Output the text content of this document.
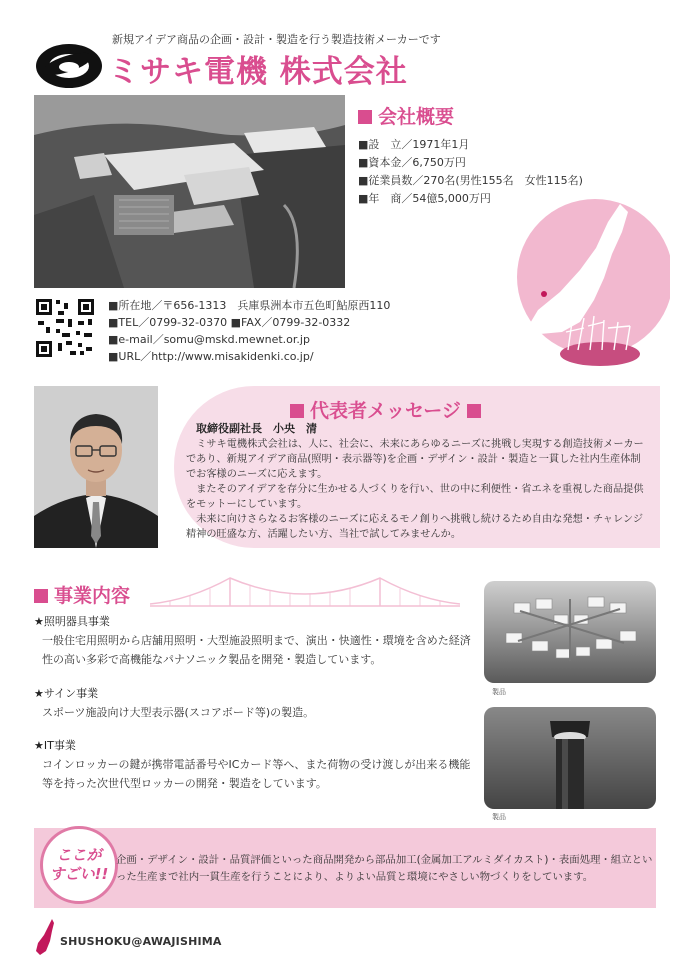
新規アイデア商品の企画・設計・製造を行う製造技術メーカーです
ミサキ電機 株式会社
会社概要
■設　立／1971年1月
■資本金／6,750万円
■従業員数／270名(男性155名　女性115名)
■年　商／54億5,000万円
■所在地／〒656-1313　兵庫県洲本市五色町鮎原西110
■TEL／0799-32-0370 ■FAX／0799-32-0332
■e-mail／somu@mskd.mewnet.or.jp
■URL／http://www.misakidenki.co.jp/
代表者メッセージ
取締役副社長　小央　清

ミサキ電機株式会社は、人に、社会に、未来にあらゆるニーズに挑戦し実現する創造技術メーカーであり、新規アイデア商品(照明・表示器等)を企画・デザイン・設計・製造と一貫した社内生産体制でお客様のニーズに応えます。

またそのアイデアを存分に生かせる人づくりを行い、世の中に利便性・省エネを重視した商品提供をモットーにしています。

未来に向けさらなるお客様のニーズに応えるモノ創りへ挑戦し続けるため自由な発想・チャレンジ精神の旺盛な方、活躍したい方、当社で試してみませんか。

事業内容
★照明器具事業
一般住宅用照明から店舗用照明・大型施設照明まで、演出・快適性・環境を含めた経済性の高い多彩で高機能なパナソニック製品を開発・製造しています。
★サイン事業
スポーツ施設向け大型表示器(スコアボード等)の製造。
★IT事業
コインロッカーの鍵が携帯電話番号やICカード等へ、また荷物の受け渡しが出来る機能等を持った次世代型ロッカーの開発・製造をしています。
製品
製品
ここが
すごい!!
企画・デザイン・設計・品質評価といった商品開発から部品加工(金属加工アルミダイカスト)・表面処理・組立といった生産まで社内一貫生産を行うことにより、よりよい品質と環境にやさしい物づくりをしています。
SHUSHOKU@AWAJISHIMA
